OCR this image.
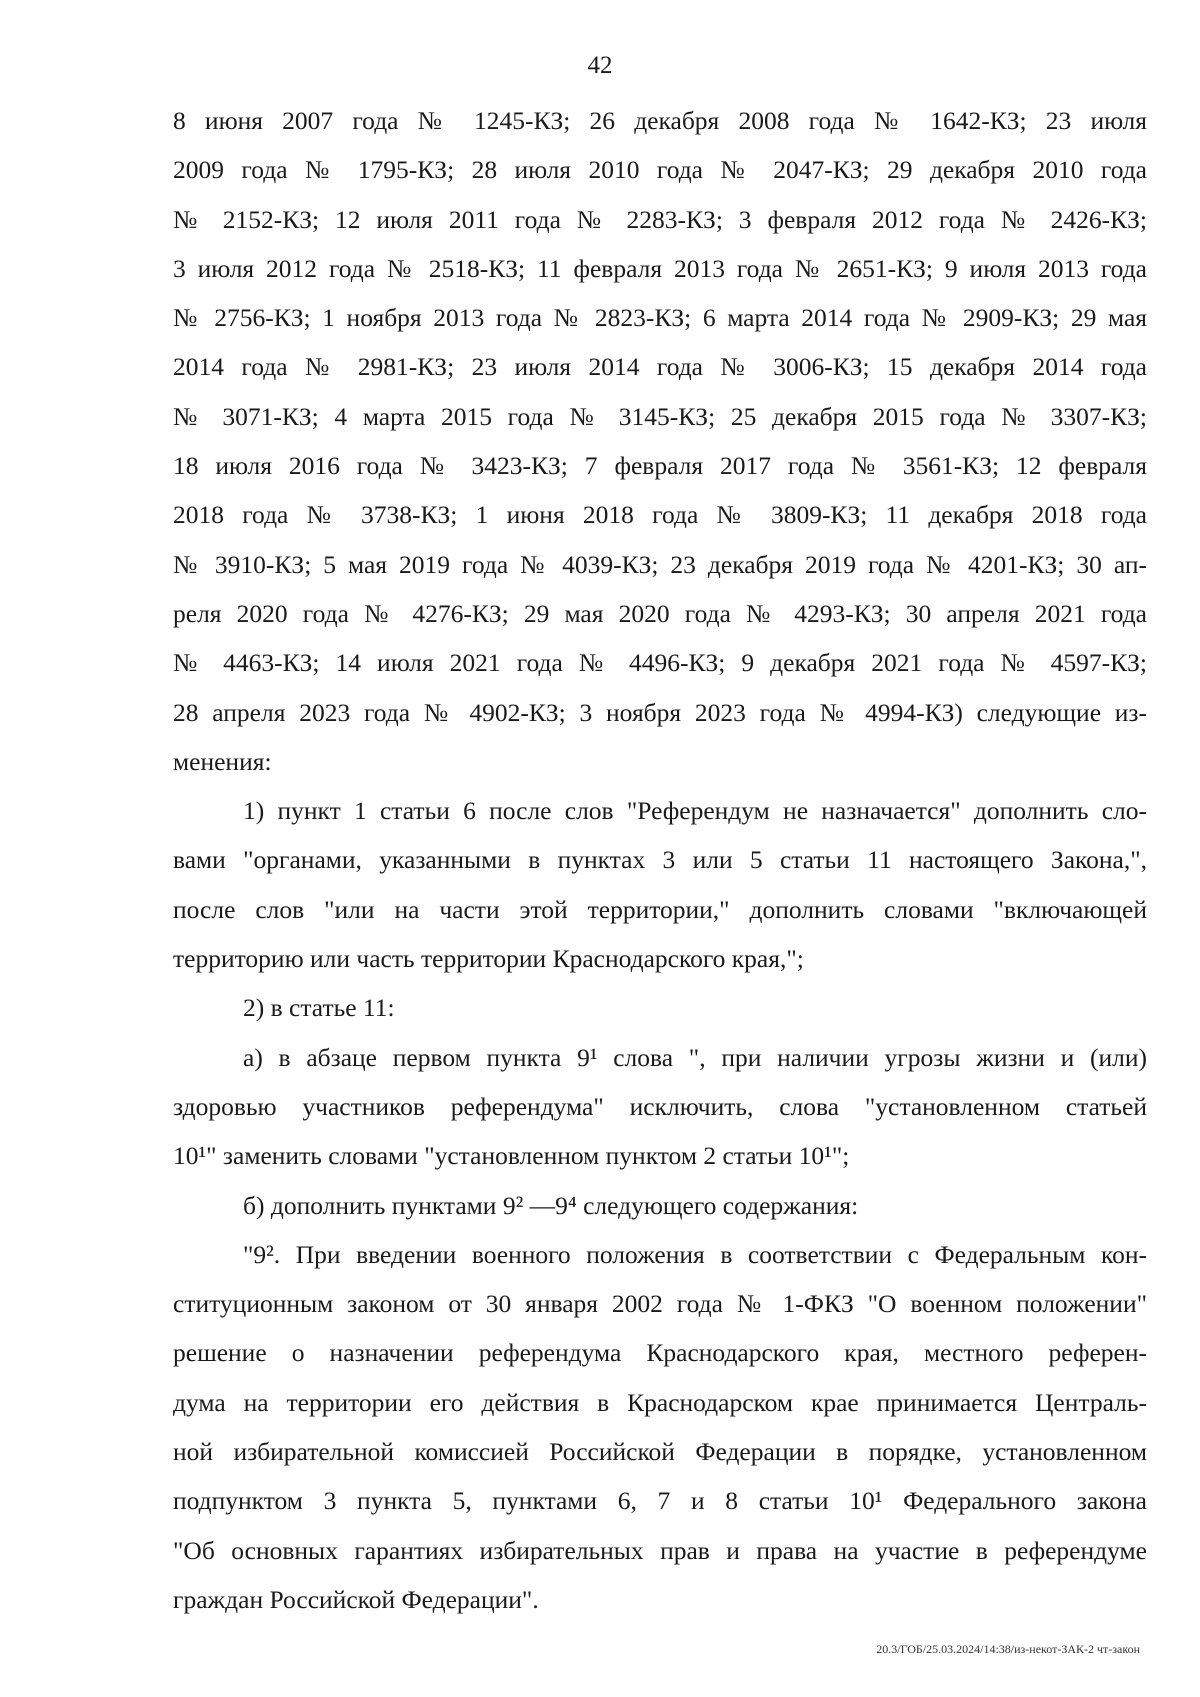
42
8 июня 2007 года № 1245-КЗ; 26 декабря 2008 года № 1642-КЗ; 23 июля
2009 года № 1795-КЗ; 28 июля 2010 года № 2047-КЗ; 29 декабря 2010 года
№ 2152-КЗ; 12 июля 2011 года № 2283-КЗ; 3 февраля 2012 года № 2426-КЗ;
3 июля 2012 года № 2518-КЗ; 11 февраля 2013 года № 2651-КЗ; 9 июля 2013 года
№ 2756-КЗ; 1 ноября 2013 года № 2823-КЗ; 6 марта 2014 года № 2909-КЗ; 29 мая
2014 года № 2981-КЗ; 23 июля 2014 года № 3006-КЗ; 15 декабря 2014 года
№ 3071-КЗ; 4 марта 2015 года № 3145-КЗ; 25 декабря 2015 года № 3307-КЗ;
18 июля 2016 года № 3423-КЗ; 7 февраля 2017 года № 3561-КЗ; 12 февраля
2018 года № 3738-КЗ; 1 июня 2018 года № 3809-КЗ; 11 декабря 2018 года
№ 3910-КЗ; 5 мая 2019 года № 4039-КЗ; 23 декабря 2019 года № 4201-КЗ; 30 ап-
реля 2020 года № 4276-КЗ; 29 мая 2020 года № 4293-КЗ; 30 апреля 2021 года
№ 4463-КЗ; 14 июля 2021 года № 4496-КЗ; 9 декабря 2021 года № 4597-КЗ;
28 апреля 2023 года № 4902-КЗ; 3 ноября 2023 года № 4994-КЗ) следующие из-
менения:
1) пункт 1 статьи 6 после слов "Референдум не назначается" дополнить сло-
вами "органами, указанными в пунктах 3 или 5 статьи 11 настоящего Закона,",
после слов "или на части этой территории," дополнить словами "включающей
территорию или часть территории Краснодарского края,";
2) в статье 11:
а) в абзаце первом пункта 9¹ слова ", при наличии угрозы жизни и (или)
здоровью участников референдума" исключить, слова "установленном статьей
10¹" заменить словами "установленном пунктом 2 статьи 10¹";
б) дополнить пунктами 9² —9⁴ следующего содержания:
"9². При введении военного положения в соответствии с Федеральным кон-
ституционным законом от 30 января 2002 года № 1-ФКЗ "О военном положении"
решение о назначении референдума Краснодарского края, местного референ-
дума на территории его действия в Краснодарском крае принимается Централь-
ной избирательной комиссией Российской Федерации в порядке, установленном
подпунктом 3 пункта 5, пунктами 6, 7 и 8 статьи 10¹ Федерального закона
"Об основных гарантиях избирательных прав и права на участие в референдуме
граждан Российской Федерации".
20.3/ГОБ/25.03.2024/14:38/из-некот-ЗАК-2 чт-закон
